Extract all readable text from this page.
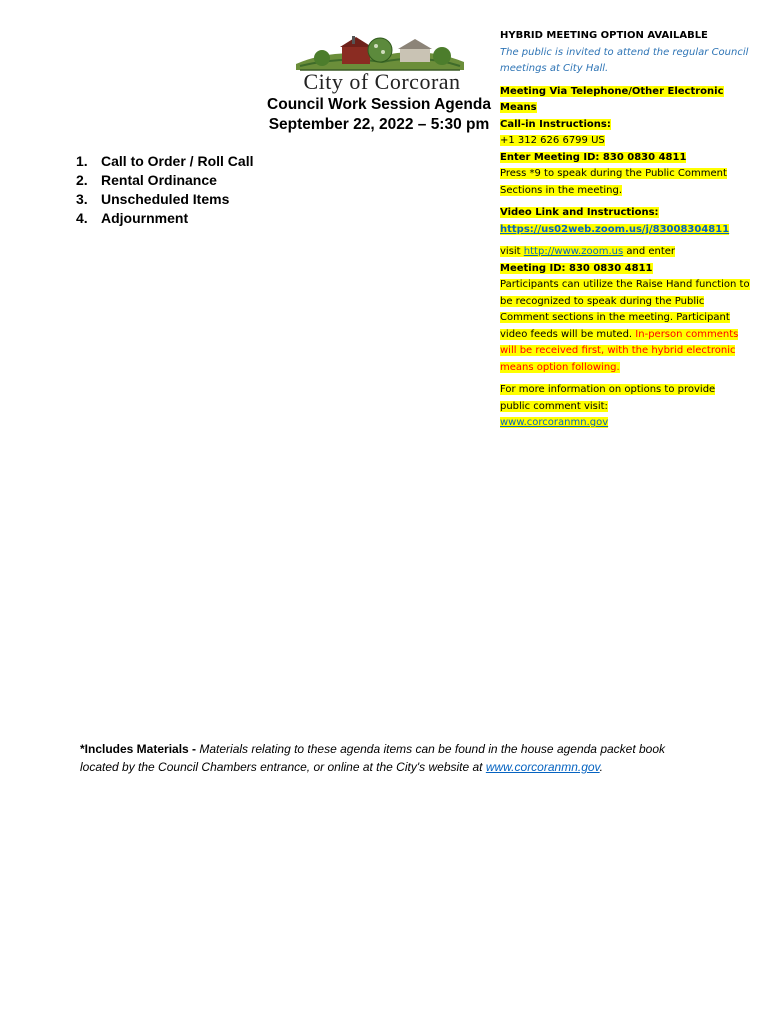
City of Corcoran
Council Work Session Agenda
September 22, 2022 – 5:30 pm
1. Call to Order / Roll Call
2. Rental Ordinance
3. Unscheduled Items
4. Adjournment

HYBRID MEETING OPTION AVAILABLE

The public is invited to attend the regular Council

meetings at City Hall.

Meeting Via Telephone/Other Electronic Means

Call-in Instructions:

+1 312 626 6799 US

Enter Meeting ID: 830 0830 4811

Press *9 to speak during the Public Comment

Sections in the meeting.

Video Link and Instructions:

https://us02web.zoom.us/j/83008304811

visit http://www.zoom.us and enter

Meeting ID: 830 0830 4811

Participants can utilize the Raise Hand function to

be recognized to speak during the Public

Comment sections in the meeting. Participant

video feeds will be muted. In-person comments

will be received first, with the hybrid electronic

means option following.

For more information on options to provide

public comment visit:

www.corcoranmn.gov

*Includes Materials - Materials relating to these agenda items can be found in the house agenda packet book located by the Council Chambers entrance, or online at the City's website at www.corcoranmn.gov.
